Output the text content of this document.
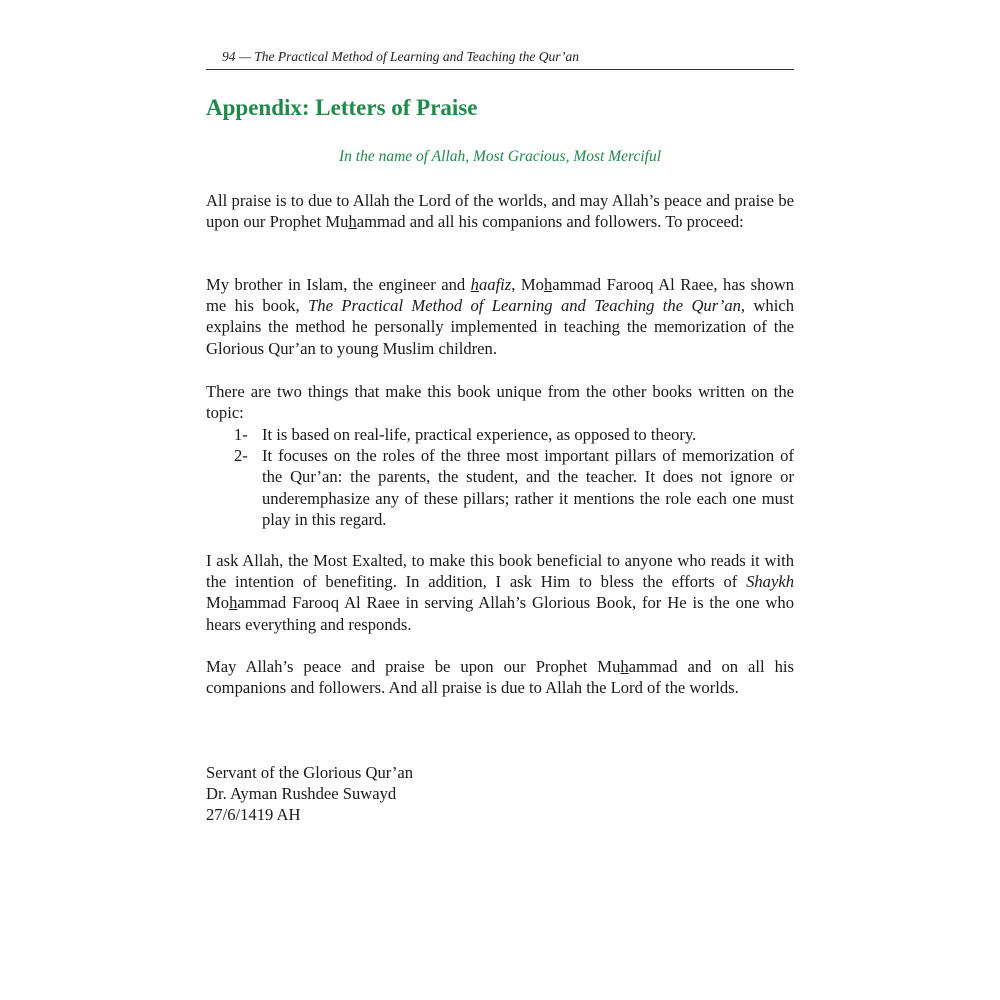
94 — The Practical Method of Learning and Teaching the Qur’an
Appendix: Letters of Praise
In the name of Allah, Most Gracious, Most Merciful

All praise is to due to Allah the Lord of the worlds, and may Allah’s peace and praise be upon our Prophet Muhammad and all his companions and followers. To proceed:

My brother in Islam, the engineer and haafiz, Mohammad Farooq Al Raee, has shown me his book, The Practical Method of Learning and Teaching the Qur’an, which explains the method he personally implemented in teaching the memorization of the Glorious Qur’an to young Muslim children.

There are two things that make this book unique from the other books written on the topic:

1- It is based on real-life, practical experience, as opposed to theory.
2- It focuses on the roles of the three most important pillars of memorization of the Qur’an: the parents, the student, and the teacher. It does not ignore or underemphasize any of these pillars; rather it mentions the role each one must play in this regard.

I ask Allah, the Most Exalted, to make this book beneficial to anyone who reads it with the intention of benefiting. In addition, I ask Him to bless the efforts of Shaykh Mohammad Farooq Al Raee in serving Allah’s Glorious Book, for He is the one who hears everything and responds.

May Allah’s peace and praise be upon our Prophet Muhammad and on all his companions and followers. And all praise is due to Allah the Lord of the worlds.

Servant of the Glorious Qur’an
Dr. Ayman Rushdee Suwayd
27/6/1419 AH
